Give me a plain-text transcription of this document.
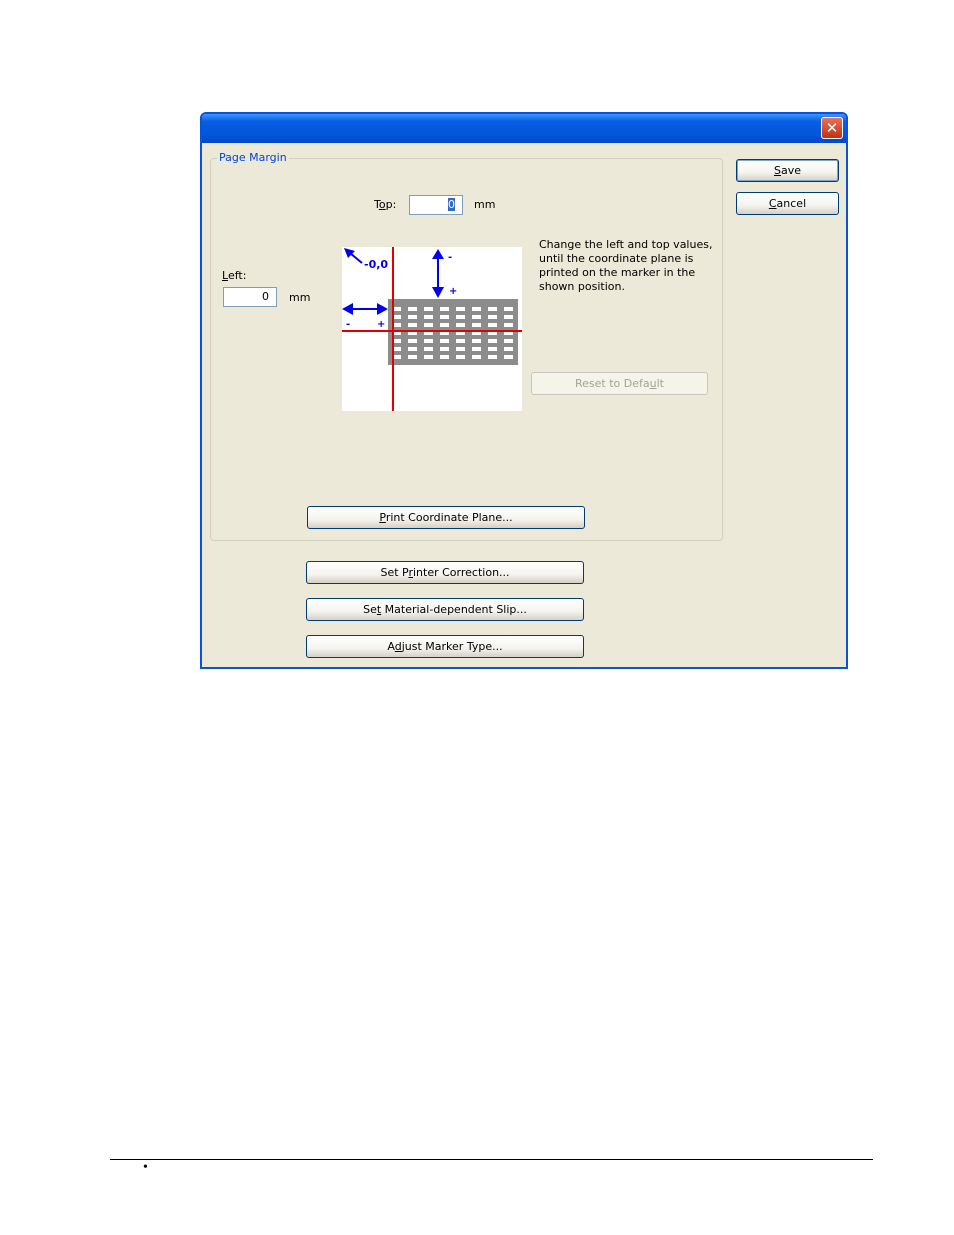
✕
Page Margin
Top:	0	mm
Left:
0	mm
Change the left and top values, until the coordinate plane is printed on the marker in the shown position.
-0,0
-
+
-	+
Reset to Default
Print Coordinate Plane...
Save
Cancel
Set Printer Correction...
Set Material-dependent Slip...
Adjust Marker Type...
•
